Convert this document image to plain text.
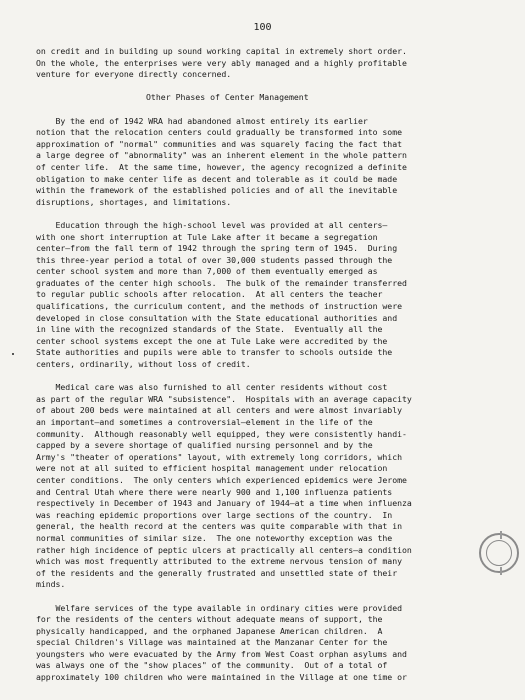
100
on credit and in building up sound working capital in extremely short order.
On the whole, the enterprises were very ably managed and a highly profitable
venture for everyone directly concerned.
Other Phases of Center Management
By the end of 1942 WRA had abandoned almost entirely its earlier
notion that the relocation centers could gradually be transformed into some
approximation of "normal" communities and was squarely facing the fact that
a large degree of "abnormality" was an inherent element in the whole pattern
of center life.  At the same time, however, the agency recognized a definite
obligation to make center life as decent and tolerable as it could be made
within the framework of the established policies and of all the inevitable
disruptions, shortages, and limitations.
Education through the high-school level was provided at all centers—
with one short interruption at Tule Lake after it became a segregation
center—from the fall term of 1942 through the spring term of 1945.  During
this three-year period a total of over 30,000 students passed through the
center school system and more than 7,000 of them eventually emerged as
graduates of the center high schools.  The bulk of the remainder transferred
to regular public schools after relocation.  At all centers the teacher
qualifications, the curriculum content, and the methods of instruction were
developed in close consultation with the State educational authorities and
in line with the recognized standards of the State.  Eventually all the
center school systems except the one at Tule Lake were accredited by the
State authorities and pupils were able to transfer to schools outside the
centers, ordinarily, without loss of credit.
Medical care was also furnished to all center residents without cost
as part of the regular WRA "subsistence".  Hospitals with an average capacity
of about 200 beds were maintained at all centers and were almost invariably
an important—and sometimes a controversial—element in the life of the
community.  Although reasonably well equipped, they were consistently handi-
capped by a severe shortage of qualified nursing personnel and by the
Army's "theater of operations" layout, with extremely long corridors, which
were not at all suited to efficient hospital management under relocation
center conditions.  The only centers which experienced epidemics were Jerome
and Central Utah where there were nearly 900 and 1,100 influenza patients
respectively in December of 1943 and January of 1944—at a time when influenza
was reaching epidemic proportions over large sections of the country.  In
general, the health record at the centers was quite comparable with that in
normal communities of similar size.  The one noteworthy exception was the
rather high incidence of peptic ulcers at practically all centers—a condition
which was most frequently attributed to the extreme nervous tension of many
of the residents and the generally frustrated and unsettled state of their
minds.
Welfare services of the type available in ordinary cities were provided
for the residents of the centers without adequate means of support, the
physically handicapped, and the orphaned Japanese American children.  A
special Children's Village was maintained at the Manzanar Center for the
youngsters who were evacuated by the Army from West Coast orphan asylums and
was always one of the "show places" of the community.  Out of a total of
approximately 100 children who were maintained in the Village at one time or
